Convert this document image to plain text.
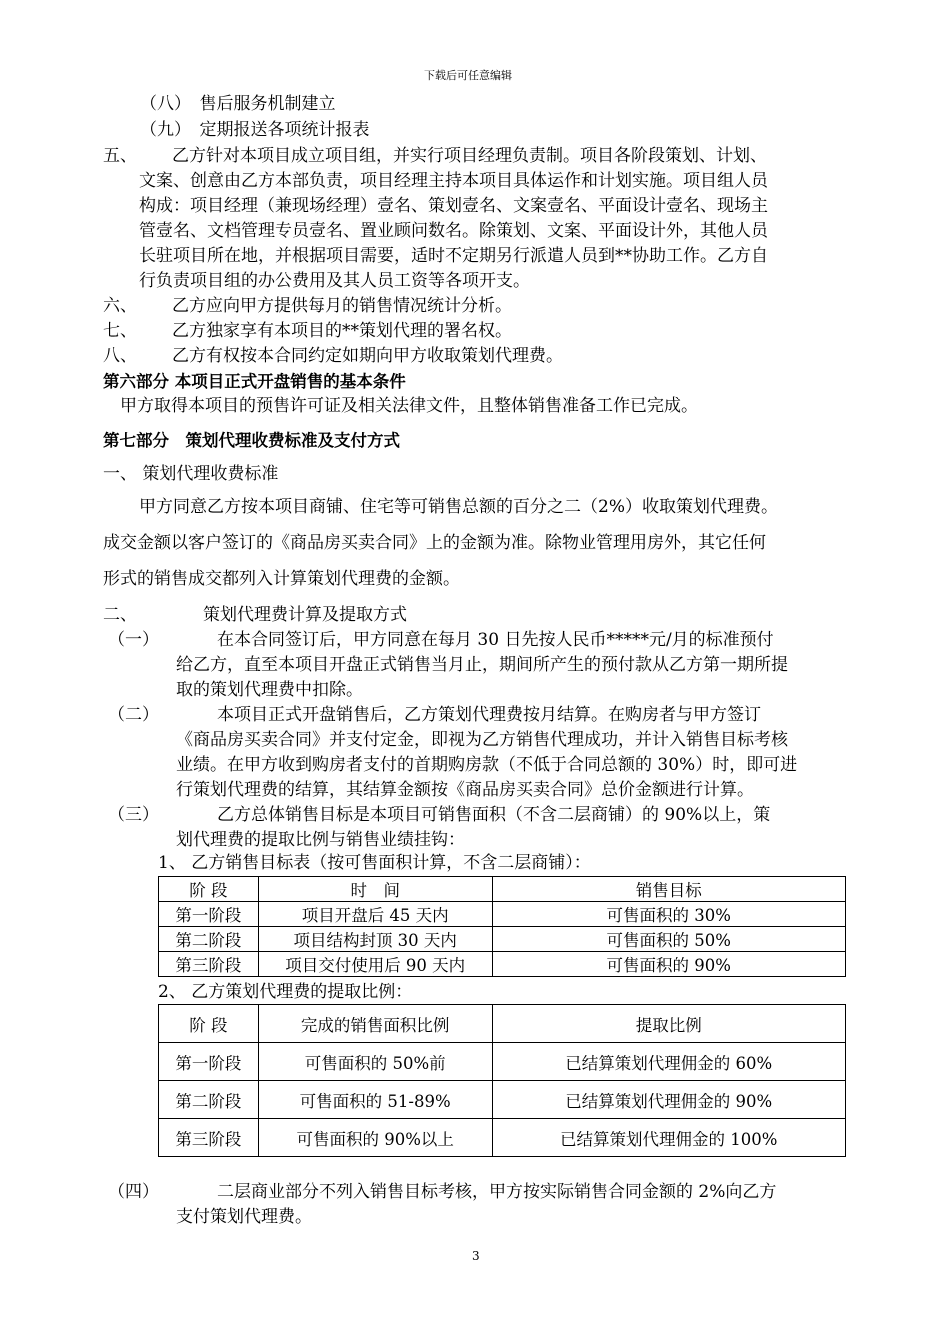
下载后可任意编辑
（八）　售后服务机制建立
（九）　定期报送各项统计报表
五、 乙方针对本项目成立项目组，并实行项目经理负责制。项目各阶段策划、计划、
文案、创意由乙方本部负责，项目经理主持本项目具体运作和计划实施。项目组人员
构成：项目经理（兼现场经理）壹名、策划壹名、文案壹名、平面设计壹名、现场主
管壹名、文档管理专员壹名、置业顾问数名。除策划、文案、平面设计外，其他人员
长驻项目所在地，并根据项目需要，适时不定期另行派遣人员到**协助工作。乙方自
行负责项目组的办公费用及其人员工资等各项开支。
六、 乙方应向甲方提供每月的销售情况统计分析。
七、 乙方独家享有本项目的**策划代理的署名权。
八、 乙方有权按本合同约定如期向甲方收取策划代理费。
第六部分 本项目正式开盘销售的基本条件
甲方取得本项目的预售许可证及相关法律文件，且整体销售准备工作已完成。
第七部分　策划代理收费标准及支付方式
一、 策划代理收费标准
甲方同意乙方按本项目商铺、住宅等可销售总额的百分之二（2%）收取策划代理费。
成交金额以客户签订的《商品房买卖合同》上的金额为准。除物业管理用房外，其它任何
形式的销售成交都列入计算策划代理费的金额。
二、	策划代理费计算及提取方式
（一）	在本合同签订后，甲方同意在每月 30 日先按人民币*****元/月的标准预付
给乙方，直至本项目开盘正式销售当月止，期间所产生的预付款从乙方第一期所提
取的策划代理费中扣除。
（二）	本项目正式开盘销售后，乙方策划代理费按月结算。在购房者与甲方签订
《商品房买卖合同》并支付定金，即视为乙方销售代理成功，并计入销售目标考核
业绩。在甲方收到购房者支付的首期购房款（不低于合同总额的 30%）时，即可进
行策划代理费的结算，其结算金额按《商品房买卖合同》总价金额进行计算。
（三）	乙方总体销售目标是本项目可销售面积（不含二层商铺）的 90%以上，策
划代理费的提取比例与销售业绩挂钩：
1、 乙方销售目标表（按可售面积计算，不含二层商铺）：
阶 段	时　间	销售目标
第一阶段	项目开盘后 45 天内	可售面积的 30%
第二阶段	项目结构封顶 30 天内	可售面积的 50%
第三阶段	项目交付使用后 90 天内	可售面积的 90%
2、 乙方策划代理费的提取比例：
阶 段	完成的销售面积比例	提取比例
第一阶段	可售面积的 50%前	已结算策划代理佣金的 60%
第二阶段	可售面积的 51-89%	已结算策划代理佣金的 90%
第三阶段	可售面积的 90%以上	已结算策划代理佣金的 100%
（四）	二层商业部分不列入销售目标考核，甲方按实际销售合同金额的 2%向乙方
支付策划代理费。
3
